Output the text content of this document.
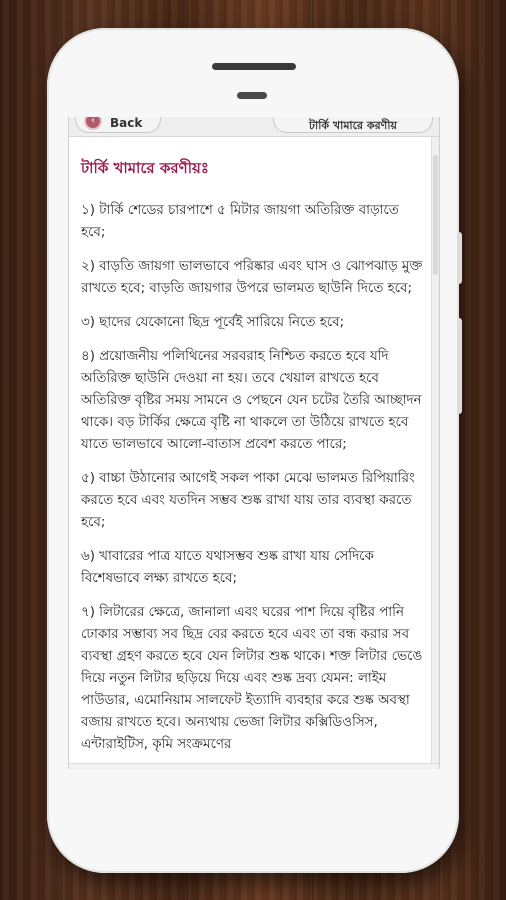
‹	Back	টার্কি খামারে করণীয়
টার্কি খামারে করণীয়ঃ

১) টার্কি শেডের চারপাশে ৫ মিটার জায়গা অতিরিক্ত বাড়াতে হবে;

২) বাড়তি জায়গা ভালভাবে পরিষ্কার এবং ঘাস ও ঝোপঝাড় মুক্ত রাখতে হবে; বাড়তি জায়গার উপরে ভালমত ছাউনি দিতে হবে;

৩) ছাদের যেকোনো ছিদ্র পূর্বেই সারিয়ে নিতে হবে;

৪) প্রয়োজনীয় পলিথিনের সরবরাহ নিশ্চিত করতে হবে যদি অতিরিক্ত ছাউনি দেওয়া না হয়। তবে খেয়াল রাখতে হবে অতিরিক্ত বৃষ্টির সময় সামনে ও পেছনে যেন চটের তৈরি আচ্ছাদন থাকে। বড় টার্কির ক্ষেত্রে বৃষ্টি না থাকলে তা উঠিয়ে রাখতে হবে যাতে ভালভাবে আলো-বাতাস প্রবেশ করতে পারে;

৫) বাচ্চা উঠানোর আগেই সকল পাকা মেঝে ভালমত রিপিয়ারিং করতে হবে এবং যতদিন সম্ভব শুষ্ক রাখা যায় তার ব্যবস্থা করতে হবে;

৬) খাবারের পাত্র যাতে যথাসম্ভব শুষ্ক রাখা যায় সেদিকে বিশেষভাবে লক্ষ্য রাখতে হবে;

৭) লিটারের ক্ষেত্রে, জানালা এবং ঘরের পাশ দিয়ে বৃষ্টির পানি ঢোকার সম্ভাব্য সব ছিদ্র বের করতে হবে এবং তা বন্ধ করার সব ব্যবস্থা গ্রহণ করতে হবে যেন লিটার শুষ্ক থাকে। শক্ত লিটার ভেঙে দিয়ে নতুন লিটার ছড়িয়ে দিয়ে এবং শুষ্ক দ্রব্য যেমন: লাইম পাউডার, এমোনিয়াম সালফেট ইত্যাদি ব্যবহার করে শুষ্ক অবস্থা বজায় রাখতে হবে। অন্যথায় ভেজা লিটার কক্সিডিওসিস, এন্টারাইটিস, কৃমি সংক্রমণের
